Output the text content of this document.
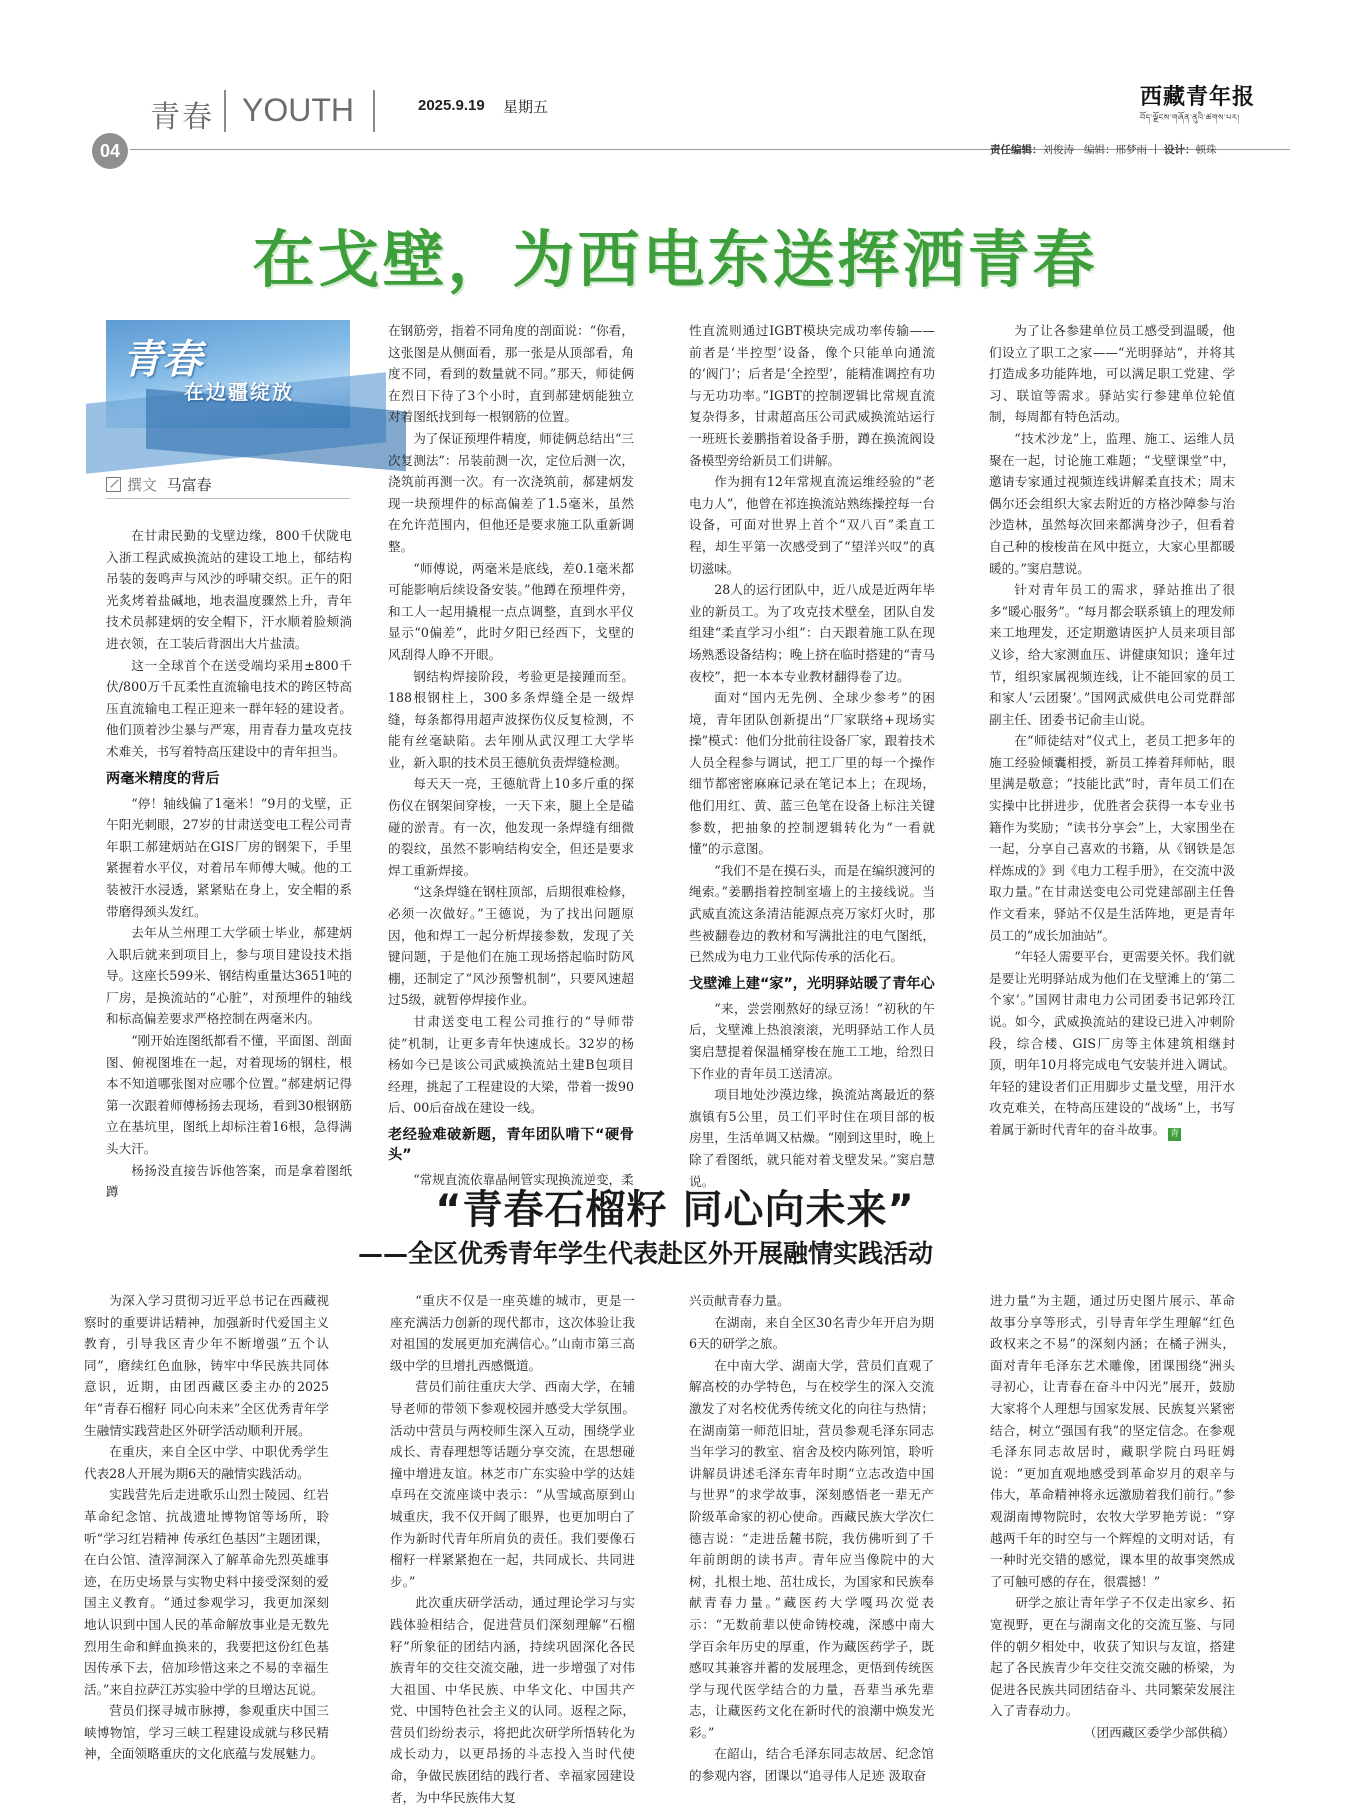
青春 YOUTH	2025.9.19 星期五
04
西藏青年报
བོད་ལྗོངས་གཞོན་ནུའི་ཚགས་པར།
责任编辑：刘俊涛 编辑：邢梦雨 设计：顿珠
在戈壁，为西电东送挥洒青春
青春
在边疆绽放
撰文 马富春

在甘肃民勤的戈壁边缘，800千伏陇电入浙工程武威换流站的建设工地上，郁结构吊装的轰鸣声与风沙的呼啸交织。正午的阳光炙烤着盐碱地，地表温度骤然上升，青年技术员郝建炳的安全帽下，汗水顺着脸颊淌进衣领，在工装后背洇出大片盐渍。

这一全球首个在送受端均采用±800千伏/800万千瓦柔性直流输电技术的跨区特高压直流输电工程正迎来一群年轻的建设者。他们顶着沙尘暴与严寒，用青春力量攻克技术难关，书写着特高压建设中的青年担当。

两毫米精度的背后

“停！轴线偏了1毫米！”9月的戈壁，正午阳光刺眼，27岁的甘肃送变电工程公司青年职工郝建炳站在GIS厂房的钢架下，手里紧握着水平仪，对着吊车师傅大喊。他的工装被汗水浸透，紧紧贴在身上，安全帽的系带磨得颈头发红。

去年从兰州理工大学硕士毕业，郝建炳入职后就来到项目上，参与项目建设技术指导。这座长599米、钢结构重量达3651吨的厂房，是换流站的“心脏”，对预埋件的轴线和标高偏差要求严格控制在两毫米内。

“刚开始连图纸都看不懂，平面图、剖面图、俯视图堆在一起，对着现场的钢柱，根本不知道哪张图对应哪个位置。”郝建炳记得第一次跟着师傅杨扬去现场，看到30根钢筋立在基坑里，图纸上却标注着16根，急得满头大汗。

杨扬没直接告诉他答案，而是拿着图纸蹲

在钢筋旁，指着不同角度的剖面说：“你看，这张图是从侧面看，那一张是从顶部看，角度不同，看到的数量就不同。”那天，师徒俩在烈日下待了3个小时，直到郝建炳能独立对着图纸找到每一根钢筋的位置。

为了保证预埋件精度，师徒俩总结出“三次复测法”：吊装前测一次，定位后测一次，浇筑前再测一次。有一次浇筑前，郝建炳发现一块预埋件的标高偏差了1.5毫米，虽然在允许范围内，但他还是要求施工队重新调整。

“师傅说，两毫米是底线，差0.1毫米都可能影响后续设备安装。”他蹲在预埋件旁，和工人一起用撬棍一点点调整，直到水平仪显示“0偏差”，此时夕阳已经西下，戈壁的风刮得人睁不开眼。

钢结构焊接阶段，考验更是接踵而至。188根钢柱上，300多条焊缝全是一级焊缝，每条都得用超声波探伤仪反复检测，不能有丝毫缺陷。去年刚从武汉理工大学毕业，新入职的技术员王德航负责焊缝检测。

每天天一亮，王德航背上10多斤重的探伤仪在钢架间穿梭，一天下来，腿上全是磕碰的淤青。有一次，他发现一条焊缝有细微的裂纹，虽然不影响结构安全，但还是要求焊工重新焊接。

“这条焊缝在钢柱顶部，后期很难检修，必须一次做好。”王德说，为了找出问题原因，他和焊工一起分析焊接参数，发现了关键问题，于是他们在施工现场搭起临时防风棚，还制定了“风沙预警机制”，只要风速超过5级，就暂停焊接作业。

甘肃送变电工程公司推行的“导师带徒”机制，让更多青年快速成长。32岁的杨杨如今已是该公司武威换流站土建B包项目经理，挑起了工程建设的大梁，带着一拨90后、00后奋战在建设一线。

老经验难破新题，青年团队啃下“硬骨头”

“常规直流依靠晶闸管实现换流逆变，柔

性直流则通过IGBT模块完成功率传输——前者是‘半控型’设备，像个只能单向通流的‘阀门’；后者是‘全控型’，能精准调控有功与无功功率。”IGBT的控制逻辑比常规直流复杂得多，甘肃超高压公司武威换流站运行一班班长姜鹏指着设备手册，蹲在换流阀设备模型旁给新员工们讲解。

作为拥有12年常规直流运维经验的“老电力人”，他曾在祁连换流站熟练操控每一台设备，可面对世界上首个“双八百”柔直工程，却生平第一次感受到了“望洋兴叹”的真切滋味。

28人的运行团队中，近八成是近两年毕业的新员工。为了攻克技术壁垒，团队自发组建“柔直学习小组”：白天跟着施工队在现场熟悉设备结构；晚上挤在临时搭建的“青马夜校”，把一本本专业教材翻得卷了边。

面对“国内无先例、全球少参考”的困境，青年团队创新提出“厂家联络+现场实操”模式：他们分批前往设备厂家，跟着技术人员全程参与调试，把工厂里的每一个操作细节都密密麻麻记录在笔记本上；在现场，他们用红、黄、蓝三色笔在设备上标注关键参数，把抽象的控制逻辑转化为“一看就懂”的示意图。

“我们不是在摸石头，而是在编织渡河的绳索。”姜鹏指着控制室墙上的主接线说。当武威直流这条清洁能源点亮万家灯火时，那些被翻卷边的教材和写满批注的电气图纸，已然成为电力工业代际传承的活化石。

戈壁滩上建“家”，光明驿站暖了青年心

“来，尝尝刚熬好的绿豆汤！”初秋的午后，戈壁滩上热浪滚滚，光明驿站工作人员窦启慧提着保温桶穿梭在施工工地，给烈日下作业的青年员工送清凉。

项目地处沙漠边缘，换流站离最近的蔡旗镇有5公里，员工们平时住在项目部的板房里，生活单调又枯燥。“刚到这里时，晚上除了看图纸，就只能对着戈壁发呆。”窦启慧说。

为了让各参建单位员工感受到温暖，他们设立了职工之家——“光明驿站”，并将其打造成多功能阵地，可以满足职工党建、学习、联谊等需求。驿站实行参建单位轮值制，每周都有特色活动。

“技术沙龙”上，监理、施工、运维人员聚在一起，讨论施工难题；“戈壁课堂”中，邀请专家通过视频连线讲解柔直技术；周末偶尔还会组织大家去附近的方格沙障参与治沙造林，虽然每次回来都满身沙子，但看着自己种的梭梭苗在风中挺立，大家心里都暖暖的。”窦启慧说。

针对青年员工的需求，驿站推出了很多“暖心服务”。“每月都会联系镇上的理发师来工地理发，还定期邀请医护人员来项目部义诊，给大家测血压、讲健康知识；逢年过节，组织家属视频连线，让不能回家的员工和家人‘云团聚’。”国网武威供电公司党群部副主任、团委书记俞圭山说。

在“师徒结对”仪式上，老员工把多年的施工经验倾囊相授，新员工捧着拜师帖，眼里满是敬意；“技能比武”时，青年员工们在实操中比拼进步，优胜者会获得一本专业书籍作为奖励；“读书分享会”上，大家围坐在一起，分享自己喜欢的书籍，从《钢铁是怎样炼成的》到《电力工程手册》，在交流中汲取力量。”在甘肃送变电公司党建部副主任鲁作文看来，驿站不仅是生活阵地，更是青年员工的“成长加油站”。

“年轻人需要平台，更需要关怀。我们就是要让光明驿站成为他们在戈壁滩上的‘第二个家’。”国网甘肃电力公司团委书记郭玲江说。如今，武威换流站的建设已进入冲刺阶段，综合楼、GIS厂房等主体建筑相继封顶，明年10月将完成电气安装并进入调试。年轻的建设者们正用脚步丈量戈壁，用汗水攻克难关，在特高压建设的“战场”上，书写着属于新时代青年的奋斗故事。 青

“青春石榴籽 同心向未来”
——全区优秀青年学生代表赴区外开展融情实践活动

为深入学习贯彻习近平总书记在西藏视察时的重要讲话精神，加强新时代爱国主义教育，引导我区青少年不断增强“五个认同”，磨续红色血脉，铸牢中华民族共同体意识，近期，由团西藏区委主办的2025年“青春石榴籽 同心向未来”全区优秀青年学生融情实践营赴区外研学活动顺利开展。

在重庆，来自全区中学、中职优秀学生代表28人开展为期6天的融情实践活动。

实践营先后走进歌乐山烈士陵园、红岩革命纪念馆、抗战遗址博物馆等场所，聆听“学习红岩精神 传承红色基因”主题团课，在白公馆、渣滓洞深入了解革命先烈英雄事迹，在历史场景与实物史料中接受深刻的爱国主义教育。“通过参观学习，我更加深刻地认识到中国人民的革命解放事业是无数先烈用生命和鲜血换来的，我要把这份红色基因传承下去，倍加珍惜这来之不易的幸福生活。”来自拉萨江苏实验中学的旦增达瓦说。

营员们探寻城市脉搏，参观重庆中国三峡博物馆，学习三峡工程建设成就与移民精神，全面领略重庆的文化底蕴与发展魅力。

“重庆不仅是一座英雄的城市，更是一座充满活力创新的现代都市，这次体验让我对祖国的发展更加充满信心。”山南市第三高级中学的旦增扎西感慨道。

营员们前往重庆大学、西南大学，在辅导老师的带领下参观校园并感受大学氛围。活动中营员与两校师生深入互动，围绕学业成长、青春理想等话题分享交流，在思想碰撞中增进友谊。林芝市广东实验中学的达娃卓玛在交流座谈中表示：“从雪域高原到山城重庆，我不仅开阔了眼界，也更加明白了作为新时代青年所肩负的责任。我们要像石榴籽一样紧紧抱在一起，共同成长、共同进步。”

此次重庆研学活动，通过理论学习与实践体验相结合，促进营员们深刻理解“石榴籽”所象征的团结内涵，持续巩固深化各民族青年的交往交流交融，进一步增强了对伟大祖国、中华民族、中华文化、中国共产党、中国特色社会主义的认同。返程之际，营员们纷纷表示，将把此次研学所悟转化为成长动力，以更昂扬的斗志投入当时代使命，争做民族团结的践行者、幸福家园建设者，为中华民族伟大复

兴贡献青春力量。

在湖南，来自全区30名青少年开启为期6天的研学之旅。

在中南大学、湖南大学，营员们直观了解高校的办学特色，与在校学生的深入交流激发了对名校优秀传统文化的向往与热情；在湖南第一师范旧址，营员参观毛泽东同志当年学习的教室、宿舍及校内陈列馆，聆听讲解员讲述毛泽东青年时期“立志改造中国与世界”的求学故事，深刻感悟老一辈无产阶级革命家的初心使命。西藏民族大学次仁德吉说：“走进岳麓书院，我仿佛听到了千年前朗朗的读书声。青年应当像院中的大树，扎根土地、茁壮成长，为国家和民族奉献青春力量。”藏医药大学嘎玛次觉表示：“无数前辈以使命铸校魂，深感中南大学百余年历史的厚重，作为藏医药学子，既感叹其兼容并蓄的发展理念，更悟到传统医学与现代医学结合的力量，吾辈当承先辈志，让藏医药文化在新时代的浪潮中焕发光彩。”

在韶山，结合毛泽东同志故居、纪念馆的参观内容，团课以“追寻伟人足迹 汲取奋

进力量”为主题，通过历史图片展示、革命故事分享等形式，引导青年学生理解“红色政权来之不易”的深刻内涵；在橘子洲头，面对青年毛泽东艺术雕像，团课围绕“洲头寻初心，让青春在奋斗中闪光”展开，鼓励大家将个人理想与国家发展、民族复兴紧密结合，树立“强国有我”的坚定信念。在参观毛泽东同志故居时，藏职学院白玛旺姆说：“更加直观地感受到革命岁月的艰辛与伟大，革命精神将永远激励着我们前行。”参观湖南博物院时，农牧大学罗艳芳说：“穿越两千年的时空与一个辉煌的文明对话，有一种时光交错的感觉，课本里的故事突然成了可触可感的存在，很震撼！”

研学之旅让青年学子不仅走出家乡、拓宽视野，更在与湖南文化的交流互鉴、与同伴的朝夕相处中，收获了知识与友谊，搭建起了各民族青少年交往交流交融的桥梁，为促进各民族共同团结奋斗、共同繁荣发展注入了青春动力。

（团西藏区委学少部供稿）
